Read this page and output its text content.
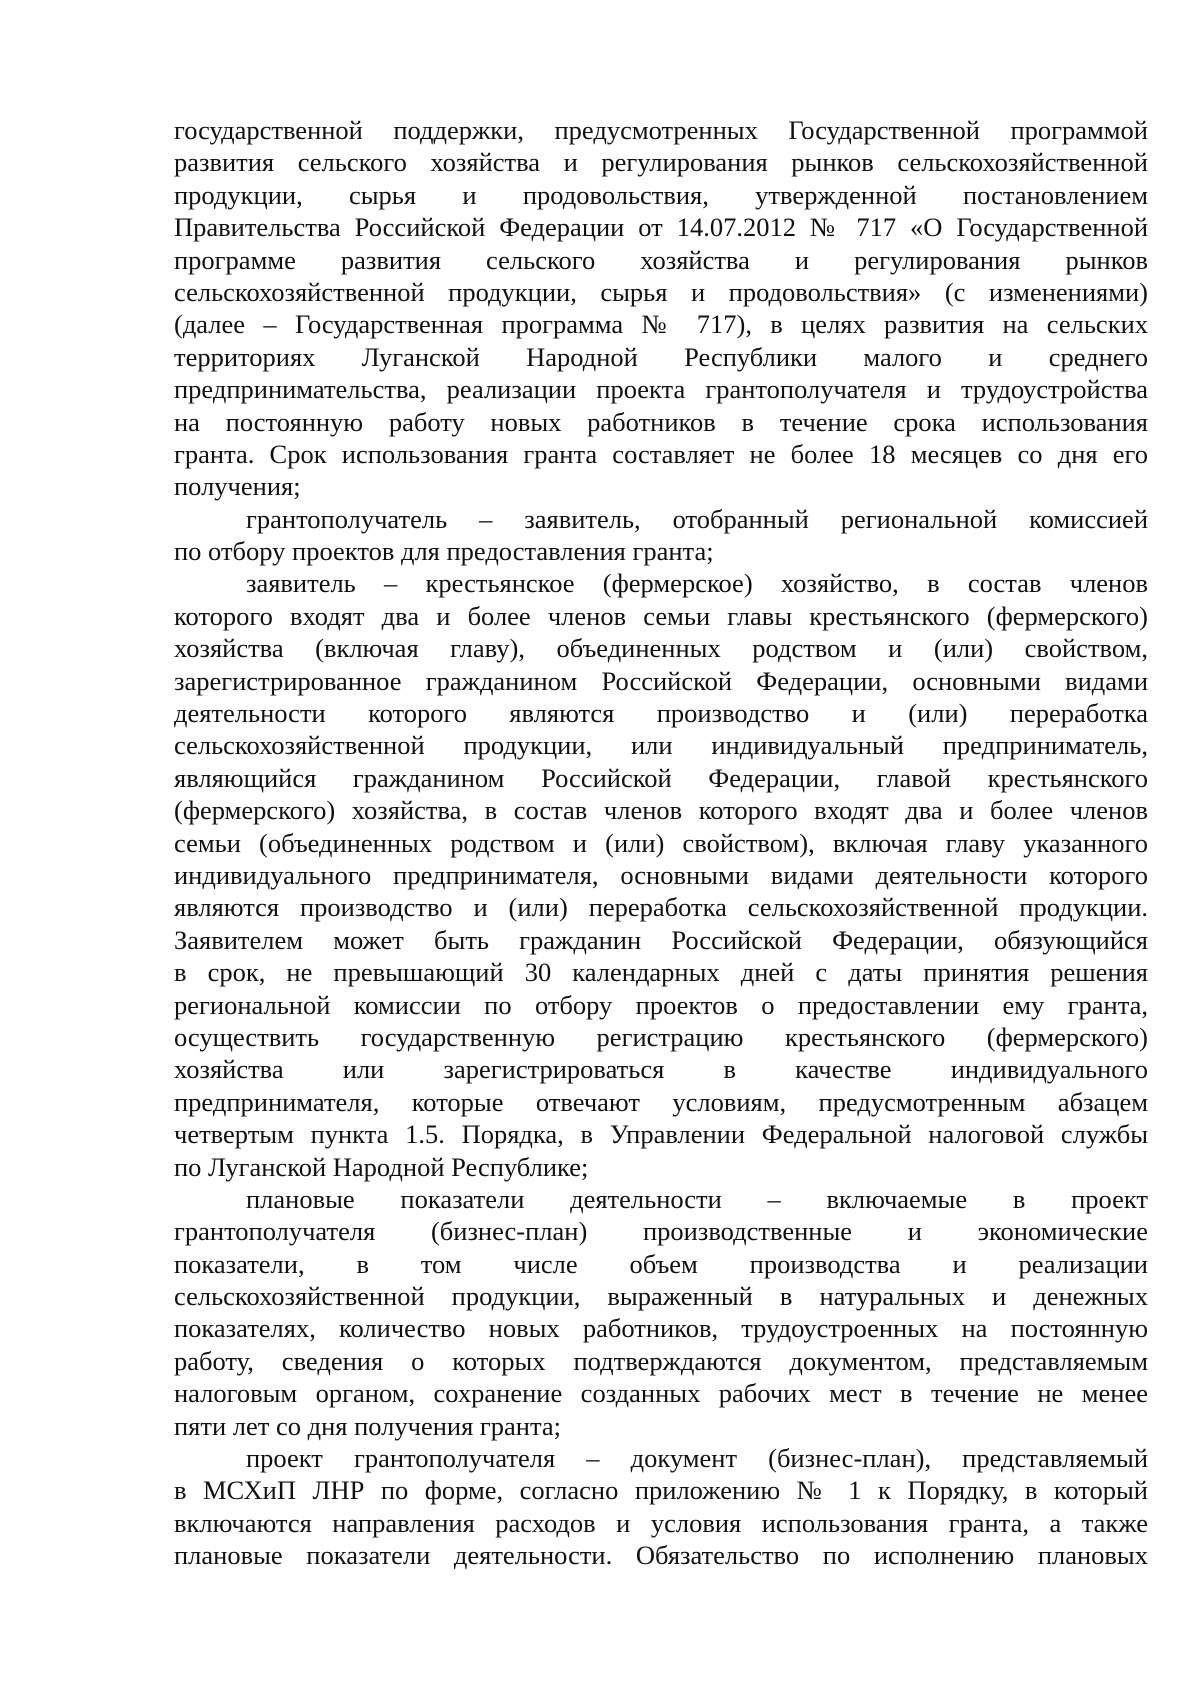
государственной поддержки, предусмотренных Государственной программой
развития сельского хозяйства и регулирования рынков сельскохозяйственной
продукции, сырья и продовольствия, утвержденной постановлением
Правительства Российской Федерации от 14.07.2012 № 717 «О Государственной
программе развития сельского хозяйства и регулирования рынков
сельскохозяйственной продукции, сырья и продовольствия» (с изменениями)
(далее – Государственная программа № 717), в целях развития на сельских
территориях Луганской Народной Республики малого и среднего
предпринимательства, реализации проекта грантополучателя и трудоустройства
на постоянную работу новых работников в течение срока использования
гранта. Срок использования гранта составляет не более 18 месяцев со дня его
получения;
грантополучатель – заявитель, отобранный региональной комиссией
по отбору проектов для предоставления гранта;
заявитель – крестьянское (фермерское) хозяйство, в состав членов
которого входят два и более членов семьи главы крестьянского (фермерского)
хозяйства (включая главу), объединенных родством и (или) свойством,
зарегистрированное гражданином Российской Федерации, основными видами
деятельности которого являются производство и (или) переработка
сельскохозяйственной продукции, или индивидуальный предприниматель,
являющийся гражданином Российской Федерации, главой крестьянского
(фермерского) хозяйства, в состав членов которого входят два и более членов
семьи (объединенных родством и (или) свойством), включая главу указанного
индивидуального предпринимателя, основными видами деятельности которого
являются производство и (или) переработка сельскохозяйственной продукции.
Заявителем может быть гражданин Российской Федерации, обязующийся
в срок, не превышающий 30 календарных дней с даты принятия решения
региональной комиссии по отбору проектов о предоставлении ему гранта,
осуществить государственную регистрацию крестьянского (фермерского)
хозяйства или зарегистрироваться в качестве индивидуального
предпринимателя, которые отвечают условиям, предусмотренным абзацем
четвертым пункта 1.5. Порядка, в Управлении Федеральной налоговой службы
по Луганской Народной Республике;
плановые показатели деятельности – включаемые в проект
грантополучателя (бизнес-план) производственные и экономические
показатели, в том числе объем производства и реализации
сельскохозяйственной продукции, выраженный в натуральных и денежных
показателях, количество новых работников, трудоустроенных на постоянную
работу, сведения о которых подтверждаются документом, представляемым
налоговым органом, сохранение созданных рабочих мест в течение не менее
пяти лет со дня получения гранта;
проект грантополучателя – документ (бизнес-план), представляемый
в МСХиП ЛНР по форме, согласно приложению № 1 к Порядку, в который
включаются направления расходов и условия использования гранта, а также
плановые показатели деятельности. Обязательство по исполнению плановых
